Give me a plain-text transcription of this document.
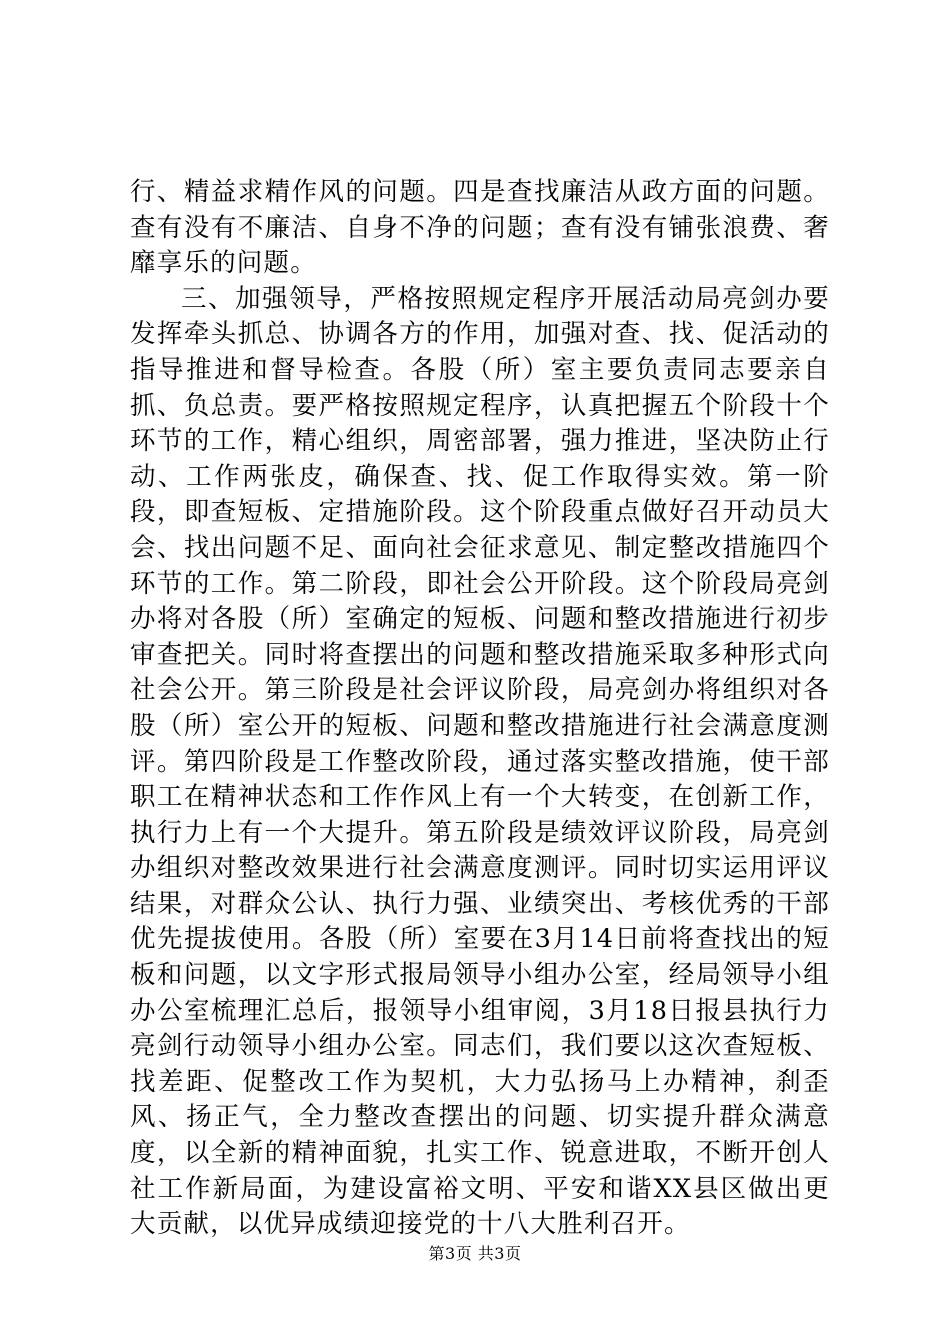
行、精益求精作风的问题。四是查找廉洁从政方面的问题。查有没有不廉洁、自身不净的问题；查有没有铺张浪费、奢靡享乐的问题。

三、加强领导，严格按照规定程序开展活动局亮剑办要发挥牵头抓总、协调各方的作用，加强对查、找、促活动的指导推进和督导检查。各股（所）室主要负责同志要亲自抓、负总责。要严格按照规定程序，认真把握五个阶段十个环节的工作，精心组织，周密部署，强力推进，坚决防止行动、工作两张皮，确保查、找、促工作取得实效。第一阶段，即查短板、定措施阶段。这个阶段重点做好召开动员大会、找出问题不足、面向社会征求意见、制定整改措施四个环节的工作。第二阶段，即社会公开阶段。这个阶段局亮剑办将对各股（所）室确定的短板、问题和整改措施进行初步审查把关。同时将查摆出的问题和整改措施采取多种形式向社会公开。第三阶段是社会评议阶段，局亮剑办将组织对各股（所）室公开的短板、问题和整改措施进行社会满意度测评。第四阶段是工作整改阶段，通过落实整改措施，使干部职工在精神状态和工作作风上有一个大转变，在创新工作，执行力上有一个大提升。第五阶段是绩效评议阶段，局亮剑办组织对整改效果进行社会满意度测评。同时切实运用评议结果，对群众公认、执行力强、业绩突出、考核优秀的干部优先提拔使用。各股（所）室要在3月14日前将查找出的短板和问题，以文字形式报局领导小组办公室，经局领导小组办公室梳理汇总后，报领导小组审阅，3月18日报县执行力亮剑行动领导小组办公室。同志们，我们要以这次查短板、找差距、促整改工作为契机，大力弘扬马上办精神，刹歪风、扬正气，全力整改查摆出的问题、切实提升群众满意度，以全新的精神面貌，扎实工作、锐意进取，不断开创人社工作新局面，为建设富裕文明、平安和谐XX县区做出更大贡献，以优异成绩迎接党的十八大胜利召开。

第3页 共3页
